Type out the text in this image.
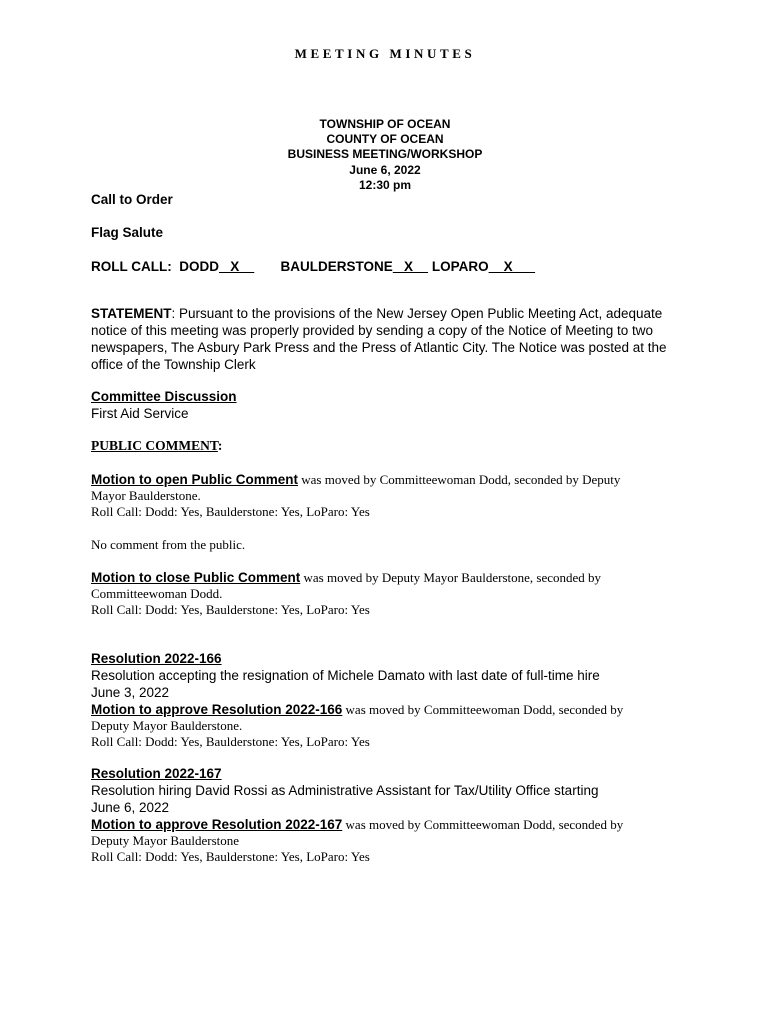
MEETING MINUTES
TOWNSHIP OF OCEAN
COUNTY OF OCEAN
BUSINESS MEETING/WORKSHOP
June 6, 2022
12:30 pm
Call to Order
Flag Salute
ROLL CALL:  DODD   X           BAULDERSTONE   X     LOPARO    X
STATEMENT: Pursuant to the provisions of the New Jersey Open Public Meeting Act, adequate notice of this meeting was properly provided by sending a copy of the Notice of Meeting to two newspapers, The Asbury Park Press and the Press of Atlantic City. The Notice was posted at the office of the Township Clerk
Committee Discussion
First Aid Service
PUBLIC COMMENT:
Motion to open Public Comment was moved by Committeewoman Dodd, seconded by Deputy Mayor Baulderstone.
Roll Call: Dodd: Yes, Baulderstone: Yes, LoParo: Yes
No comment from the public.
Motion to close Public Comment was moved by Deputy Mayor Baulderstone, seconded by Committeewoman Dodd.
Roll Call: Dodd: Yes, Baulderstone: Yes, LoParo: Yes
Resolution 2022-166
Resolution accepting the resignation of Michele Damato with last date of full-time hire June 3, 2022
Motion to approve Resolution 2022-166 was moved by Committeewoman Dodd, seconded by Deputy Mayor Baulderstone.
Roll Call: Dodd: Yes, Baulderstone: Yes, LoParo: Yes
Resolution 2022-167
Resolution hiring David Rossi as Administrative Assistant for Tax/Utility Office starting June 6, 2022
Motion to approve Resolution 2022-167 was moved by Committeewoman Dodd, seconded by Deputy Mayor Baulderstone
Roll Call: Dodd: Yes, Baulderstone: Yes, LoParo: Yes
